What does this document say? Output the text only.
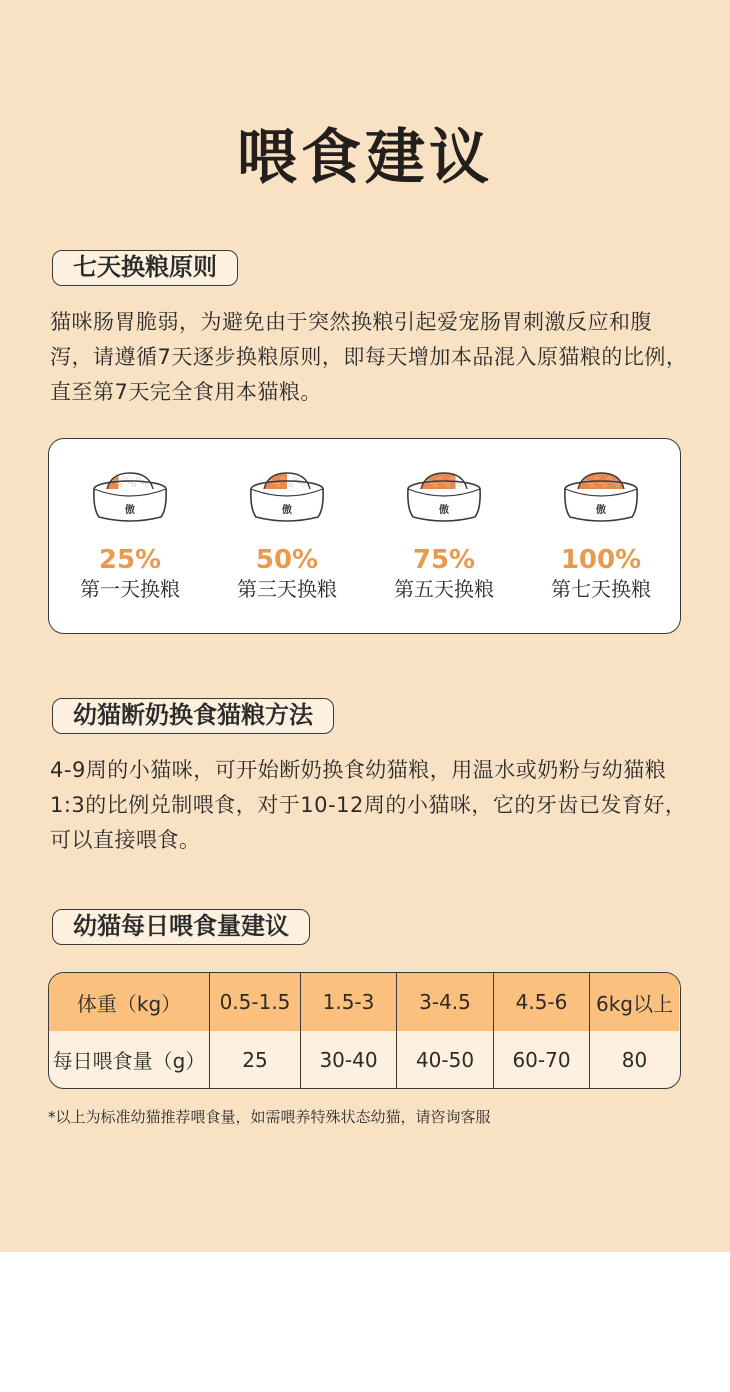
喂食建议
七天换粮原则
猫咪肠胃脆弱，为避免由于突然换粮引起爱宠肠胃刺激反应和腹泻，请遵循7天逐步换粮原则，即每天增加本品混入原猫粮的比例，直至第7天完全食用本猫粮。
傲
25%
第一天换粮
傲
50%
第三天换粮
傲
75%
第五天换粮
傲
100%
第七天换粮
幼猫断奶换食猫粮方法
4-9周的小猫咪，可开始断奶换食幼猫粮，用温水或奶粉与幼猫粮1:3的比例兑制喂食，对于10-12周的小猫咪，它的牙齿已发育好，可以直接喂食。
幼猫每日喂食量建议
体重（kg）	0.5-1.5	1.5-3	3-4.5	4.5-6	6kg以上
每日喂食量（g）	25	30-40	40-50	60-70	80
*以上为标准幼猫推荐喂食量，如需喂养特殊状态幼猫，请咨询客服
